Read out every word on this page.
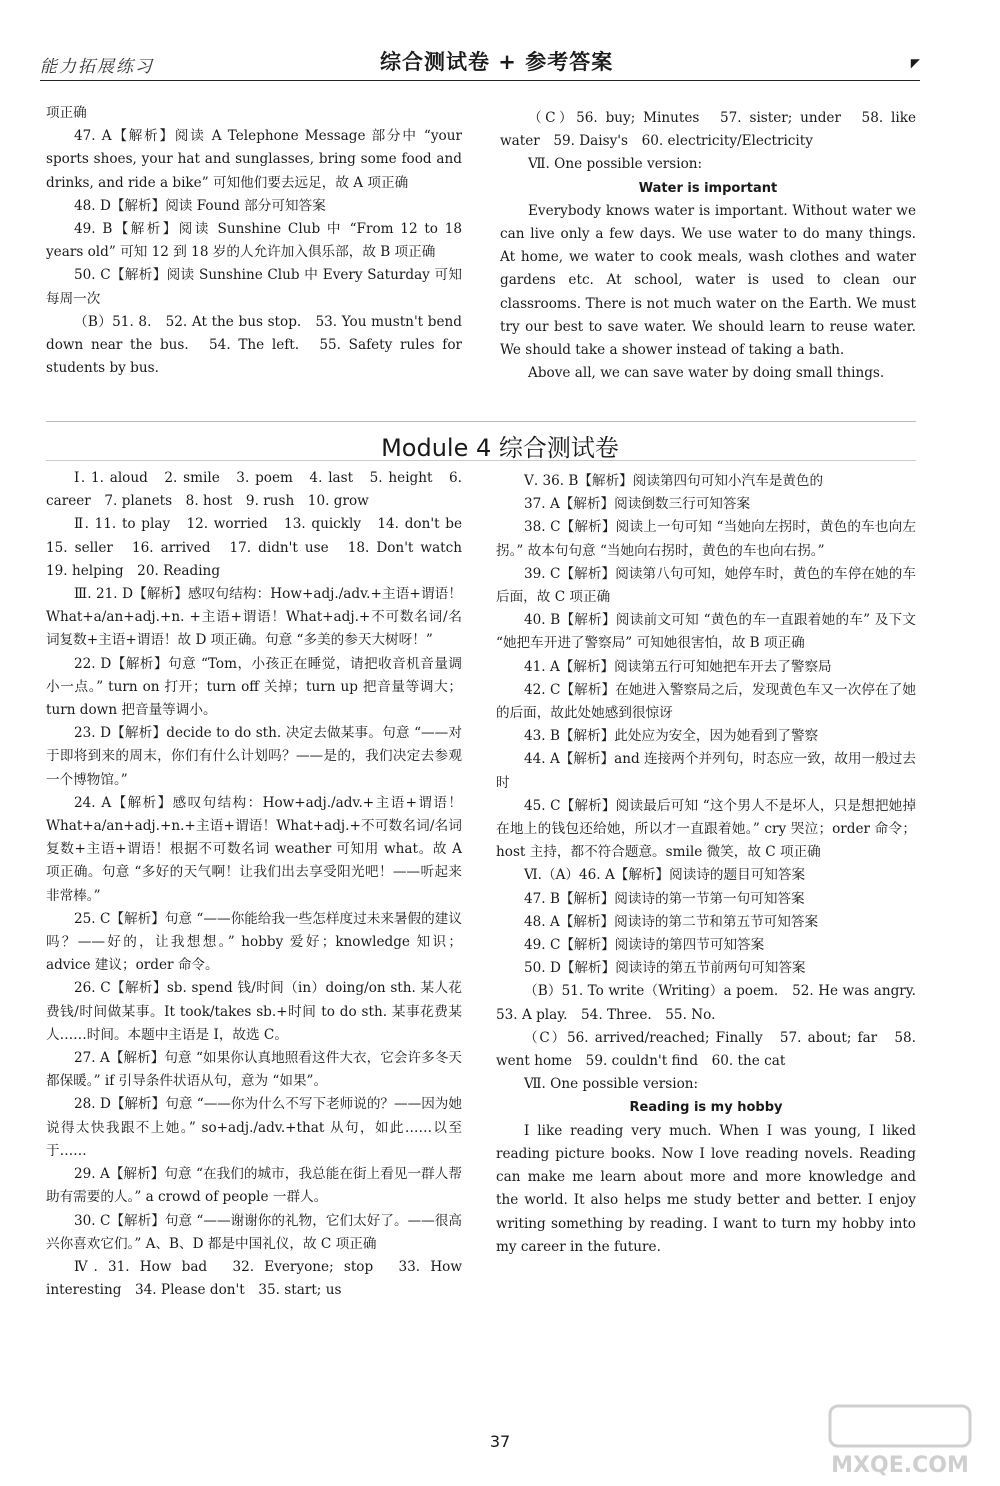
能力拓展练习	综合测试卷 + 参考答案	◤

项正确

47. A【解析】阅读 A Telephone Message 部分中 “your sports shoes, your hat and sunglasses, bring some food and drinks, and ride a bike” 可知他们要去远足，故 A 项正确

48. D【解析】阅读 Found 部分可知答案

49. B【解析】阅读 Sunshine Club 中 “From 12 to 18 years old” 可知 12 到 18 岁的人允许加入俱乐部，故 B 项正确

50. C【解析】阅读 Sunshine Club 中 Every Saturday 可知每周一次

（B）51. 8.　52. At the bus stop.　53. You mustn't bend down near the bus.　54. The left.　55. Safety rules for students by bus.

（C）56. buy; Minutes　57. sister; under　58. like water　59. Daisy's　60. electricity/Electricity

Ⅶ. One possible version:

Water is important

Everybody knows water is important. Without water we can live only a few days. We use water to do many things. At home, we water to cook meals, wash clothes and water gardens etc. At school, water is used to clean our classrooms. There is not much water on the Earth. We must try our best to save water. We should learn to reuse water. We should take a shower instead of taking a bath.

Above all, we can save water by doing small things.

Module 4 综合测试卷

Ⅰ. 1. aloud　2. smile　3. poem　4. last　5. height　6. career　7. planets　8. host　9. rush　10. grow

Ⅱ. 11. to play　12. worried　13. quickly　14. don't be　15. seller　16. arrived　17. didn't use　18. Don't watch　19. helping　20. Reading

Ⅲ. 21. D【解析】感叹句结构：How+adj./adv.+主语+谓语！What+a/an+adj.+n. +主语+谓语！What+adj.+不可数名词/名词复数+主语+谓语！故 D 项正确。句意 “多美的参天大树呀！”

22. D【解析】句意 “Tom，小孩正在睡觉，请把收音机音量调小一点。” turn on 打开；turn off 关掉；turn up 把音量等调大；turn down 把音量等调小。

23. D【解析】decide to do sth. 决定去做某事。句意 “——对于即将到来的周末，你们有什么计划吗？——是的，我们决定去参观一个博物馆。”

24. A【解析】感叹句结构：How+adj./adv.+主语+谓语！What+a/an+adj.+n.+主语+谓语！What+adj.+不可数名词/名词复数+主语+谓语！根据不可数名词 weather 可知用 what。故 A 项正确。句意 “多好的天气啊！让我们出去享受阳光吧！——听起来非常棒。”

25. C【解析】句意 “——你能给我一些怎样度过未来暑假的建议吗？——好的，让我想想。” hobby 爱好；knowledge 知识；advice 建议；order 命令。

26. C【解析】sb. spend 钱/时间（in）doing/on sth. 某人花费钱/时间做某事。It took/takes sb.+时间 to do sth. 某事花费某人……时间。本题中主语是 I，故选 C。

27. A【解析】句意 “如果你认真地照看这件大衣，它会许多冬天都保暖。” if 引导条件状语从句，意为 “如果”。

28. D【解析】句意 “——你为什么不写下老师说的？——因为她说得太快我跟不上她。” so+adj./adv.+that 从句，如此……以至于……

29. A【解析】句意 “在我们的城市，我总能在街上看见一群人帮助有需要的人。” a crowd of people 一群人。

30. C【解析】句意 “——谢谢你的礼物，它们太好了。——很高兴你喜欢它们。” A、B、D 都是中国礼仪，故 C 项正确

Ⅳ. 31. How bad　32. Everyone; stop　33. How interesting　34. Please don't　35. start; us

Ⅴ. 36. B【解析】阅读第四句可知小汽车是黄色的

37. A【解析】阅读倒数三行可知答案

38. C【解析】阅读上一句可知 “当她向左拐时，黄色的车也向左拐。” 故本句句意 “当她向右拐时，黄色的车也向右拐。”

39. C【解析】阅读第八句可知，她停车时，黄色的车停在她的车后面，故 C 项正确

40. B【解析】阅读前文可知 “黄色的车一直跟着她的车” 及下文 “她把车开进了警察局” 可知她很害怕，故 B 项正确

41. A【解析】阅读第五行可知她把车开去了警察局

42. C【解析】在她进入警察局之后，发现黄色车又一次停在了她的后面，故此处她感到很惊讶

43. B【解析】此处应为安全，因为她看到了警察

44. A【解析】and 连接两个并列句，时态应一致，故用一般过去时

45. C【解析】阅读最后可知 “这个男人不是坏人，只是想把她掉在地上的钱包还给她，所以才一直跟着她。” cry 哭泣；order 命令；host 主持，都不符合题意。smile 微笑，故 C 项正确

Ⅵ.（A）46. A【解析】阅读诗的题目可知答案

47. B【解析】阅读诗的第一节第一句可知答案

48. A【解析】阅读诗的第二节和第五节可知答案

49. C【解析】阅读诗的第四节可知答案

50. D【解析】阅读诗的第五节前两句可知答案

（B）51. To write（Writing）a poem.　52. He was angry.　53. A play.　54. Three.　55. No.

（C）56. arrived/reached; Finally　57. about; far　58. went home　59. couldn't find　60. the cat

Ⅶ. One possible version:

Reading is my hobby

I like reading very much. When I was young, I liked reading picture books. Now I love reading novels. Reading can make me learn about more and more knowledge and the world. It also helps me study better and better. I enjoy writing something by reading. I want to turn my hobby into my career in the future.

37
MXQE.COM
